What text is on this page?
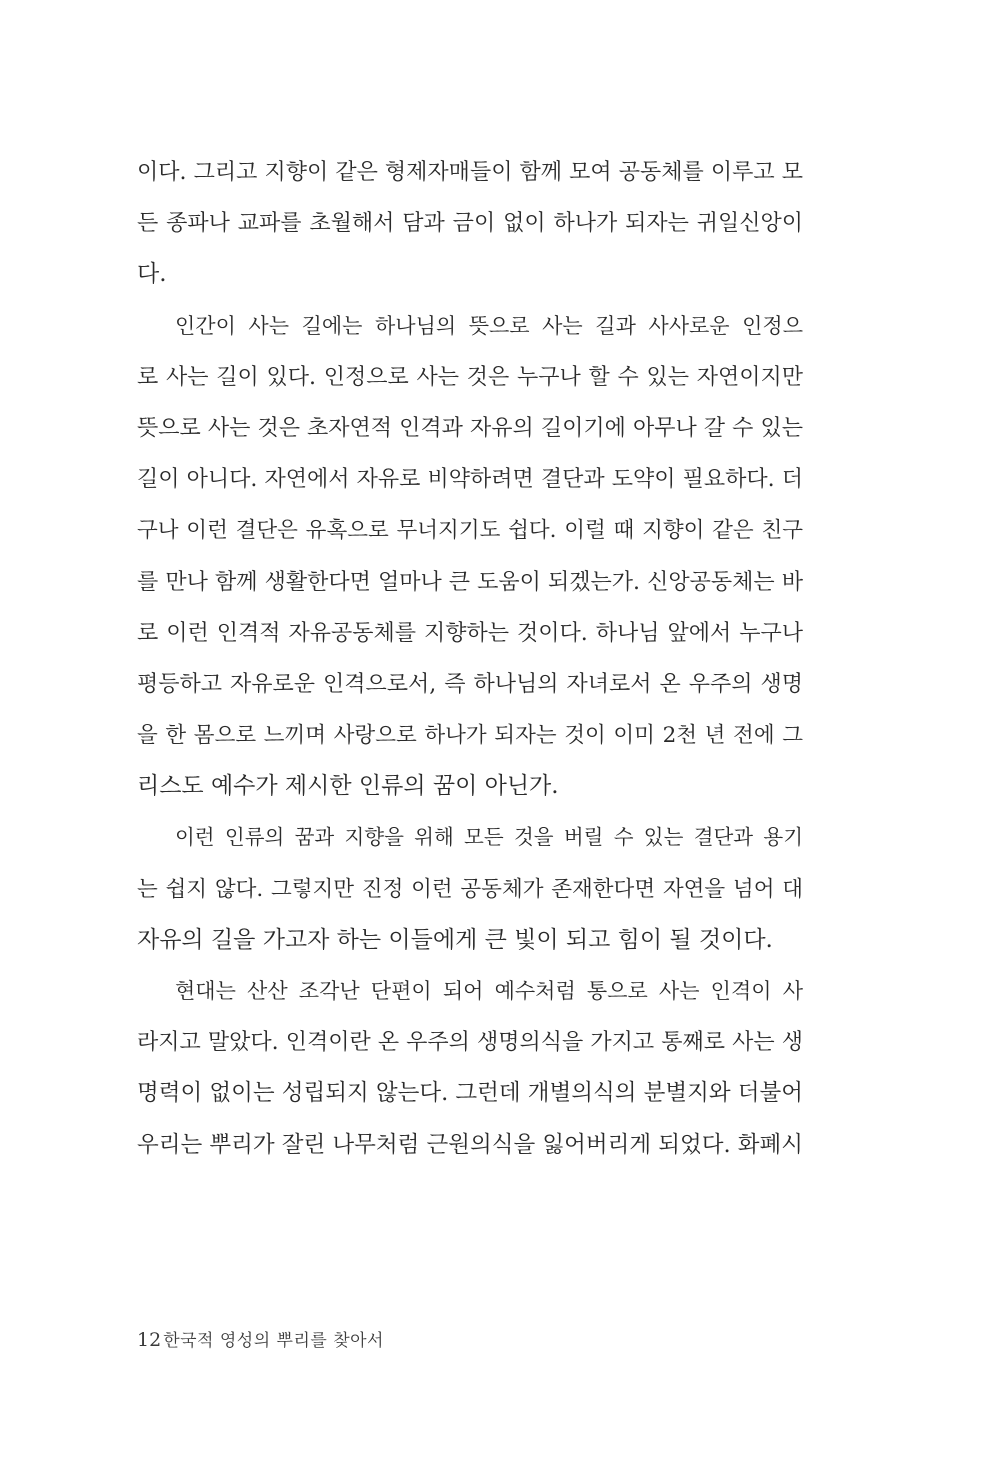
이다. 그리고 지향이 같은 형제자매들이 함께 모여 공동체를 이루고 모
든 종파나 교파를 초월해서 담과 금이 없이 하나가 되자는 귀일신앙이
다.
인간이 사는 길에는 하나님의 뜻으로 사는 길과 사사로운 인정으
로 사는 길이 있다. 인정으로 사는 것은 누구나 할 수 있는 자연이지만
뜻으로 사는 것은 초자연적 인격과 자유의 길이기에 아무나 갈 수 있는
길이 아니다. 자연에서 자유로 비약하려면 결단과 도약이 필요하다. 더
구나 이런 결단은 유혹으로 무너지기도 쉽다. 이럴 때 지향이 같은 친구
를 만나 함께 생활한다면 얼마나 큰 도움이 되겠는가. 신앙공동체는 바
로 이런 인격적 자유공동체를 지향하는 것이다. 하나님 앞에서 누구나
평등하고 자유로운 인격으로서, 즉 하나님의 자녀로서 온 우주의 생명
을 한 몸으로 느끼며 사랑으로 하나가 되자는 것이 이미 2천 년 전에 그
리스도 예수가 제시한 인류의 꿈이 아닌가.
이런 인류의 꿈과 지향을 위해 모든 것을 버릴 수 있는 결단과 용기
는 쉽지 않다. 그렇지만 진정 이런 공동체가 존재한다면 자연을 넘어 대
자유의 길을 가고자 하는 이들에게 큰 빛이 되고 힘이 될 것이다.
현대는 산산 조각난 단편이 되어 예수처럼 통으로 사는 인격이 사
라지고 말았다. 인격이란 온 우주의 생명의식을 가지고 통째로 사는 생
명력이 없이는 성립되지 않는다. 그런데 개별의식의 분별지와 더불어
우리는 뿌리가 잘린 나무처럼 근원의식을 잃어버리게 되었다. 화폐시
12 한국적 영성의 뿌리를 찾아서
